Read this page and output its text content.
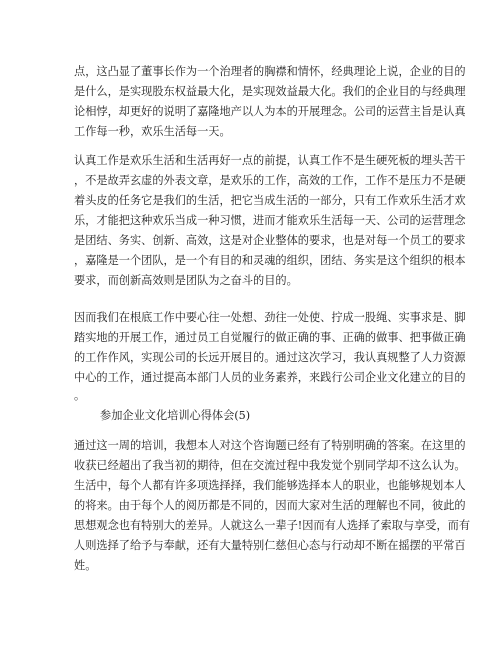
点，这凸显了董事长作为一个治理者的胸襟和情怀，经典理论上说，企业的目的
是什么，是实现股东权益最大化，是实现效益最大化。我们的企业目的与经典理
论相悖，却更好的说明了嘉隆地产以人为本的开展理念。公司的运营主旨是认真
工作每一秒，欢乐生活每一天。
认真工作是欢乐生活和生活再好一点的前提，认真工作不是生硬死板的埋头苦干
，不是故弄玄虚的外表文章，是欢乐的工作，高效的工作，工作不是压力不是硬
着头皮的任务它是我们的生活，把它当成生活的一部分，只有工作欢乐生活才欢
乐，才能把这种欢乐当成一种习惯，进而才能欢乐生活每一天、公司的运营理念
是团结、务实、创新、高效，这是对企业整体的要求，也是对每一个员工的要求
，嘉隆是一个团队，是一个有目的和灵魂的组织，团结、务实是这个组织的根本
要求，而创新高效则是团队为之奋斗的目的。
因而我们在根底工作中要心往一处想、劲往一处使、拧成一股绳、实事求是、脚
踏实地的开展工作，通过员工自觉履行的做正确的事、正确的做事、把事做正确
的工作作风，实现公司的长远开展目的。通过这次学习，我认真规整了人力资源
中心的工作，通过提高本部门人员的业务素养，来践行公司企业文化建立的目的
。
参加企业文化培训心得体会(5)
通过这一周的培训，我想本人对这个咨询题已经有了特别明确的答案。在这里的
收获已经超出了我当初的期待，但在交流过程中我发觉个别同学却不这么认为。
生活中，每个人都有许多项选择择，我们能够选择本人的职业，也能够规划本人
的将来。由于每个人的阅历都是不同的，因而大家对生活的理解也不同，彼此的
思想观念也有特别大的差异。人就这么一辈子!因而有人选择了索取与享受，而有
人则选择了给予与奉献，还有大量特别仁慈但心态与行动却不断在摇摆的平常百
姓。
